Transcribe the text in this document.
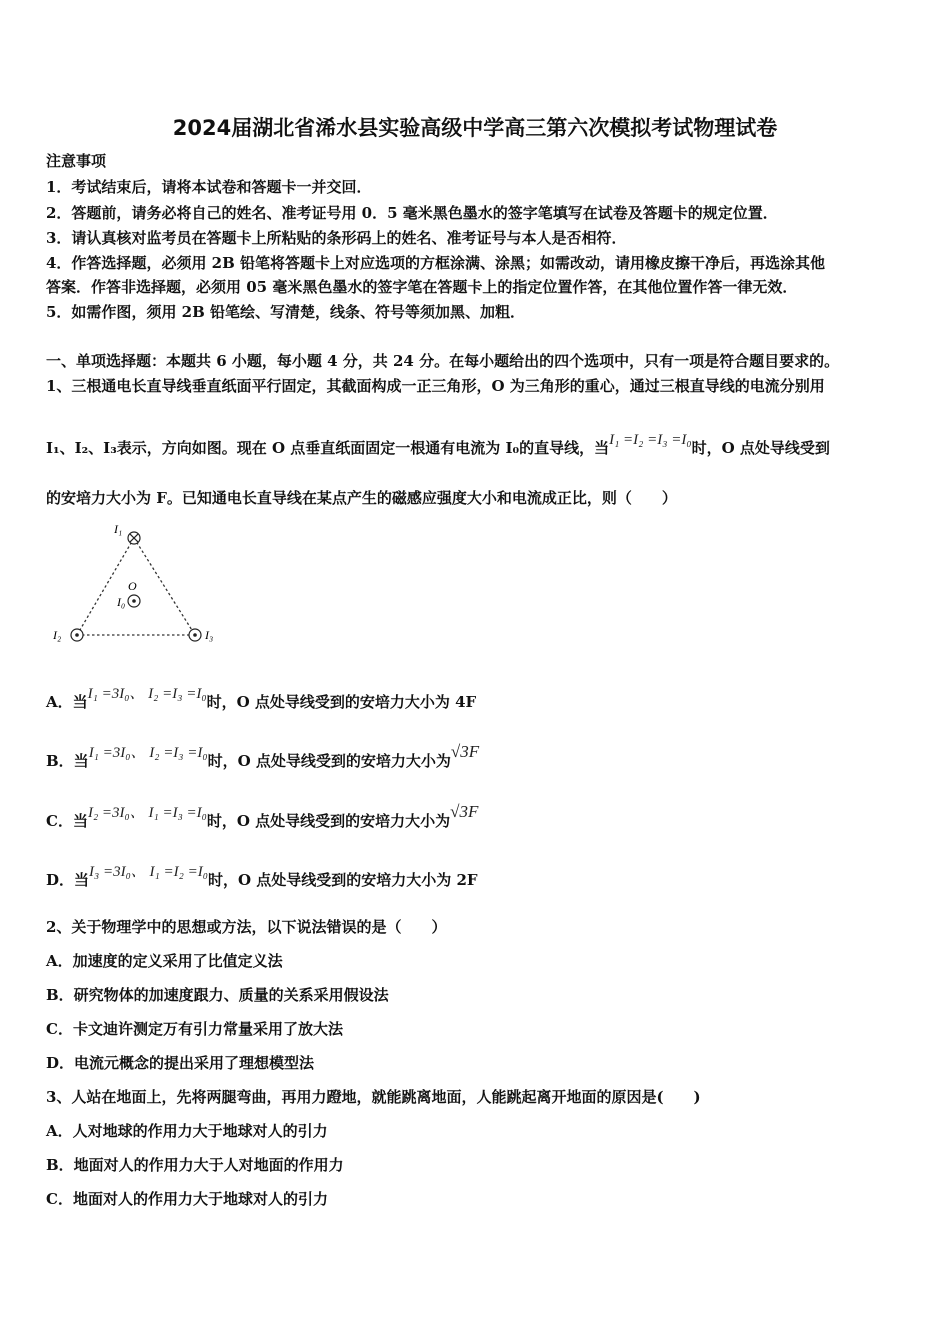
2024届湖北省浠水县实验高级中学高三第六次模拟考试物理试卷
注意事项
1．考试结束后，请将本试卷和答题卡一并交回．
2．答题前，请务必将自己的姓名、准考证号用 0．5 毫米黑色墨水的签字笔填写在试卷及答题卡的规定位置．
3．请认真核对监考员在答题卡上所粘贴的条形码上的姓名、准考证号与本人是否相符．
4．作答选择题，必须用 2B 铅笔将答题卡上对应选项的方框涂满、涂黑；如需改动，请用橡皮擦干净后，再选涂其他
答案．作答非选择题，必须用 05 毫米黑色墨水的签字笔在答题卡上的指定位置作答，在其他位置作答一律无效．
5．如需作图，须用 2B 铅笔绘、写清楚，线条、符号等须加黑、加粗．
一、单项选择题：本题共 6 小题，每小题 4 分，共 24 分。在每小题给出的四个选项中，只有一项是符合题目要求的。
1、三根通电长直导线垂直纸面平行固定，其截面构成一正三角形，O 为三角形的重心，通过三根直导线的电流分别用
I₁、I₂、I₃表示，方向如图。现在 O 点垂直纸面固定一根通有电流为 I₀的直导线，当I₁ =I₂ =I₃ =I₀时，O 点处导线受到
的安培力大小为 F。已知通电长直导线在某点产生的磁感应强度大小和电流成正比，则（　　）
I₁
I₂	I₃
O
I₀
A．当I₁ =3I₀、 I₂ =I₃ =I₀时，O 点处导线受到的安培力大小为 4F
B．当I₁ =3I₀、 I₂ =I₃ =I₀时，O 点处导线受到的安培力大小为√3F
C．当I₂ =3I₀、 I₁ =I₃ =I₀时，O 点处导线受到的安培力大小为√3F
D．当I₃ =3I₀、 I₁ =I₂ =I₀时，O 点处导线受到的安培力大小为 2F
2、关于物理学中的思想或方法，以下说法错误的是（　　）
A．加速度的定义采用了比值定义法
B．研究物体的加速度跟力、质量的关系采用假设法
C．卡文迪许测定万有引力常量采用了放大法
D．电流元概念的提出采用了理想模型法
3、人站在地面上，先将两腿弯曲，再用力蹬地，就能跳离地面，人能跳起离开地面的原因是(　　)
A．人对地球的作用力大于地球对人的引力
B．地面对人的作用力大于人对地面的作用力
C．地面对人的作用力大于地球对人的引力
